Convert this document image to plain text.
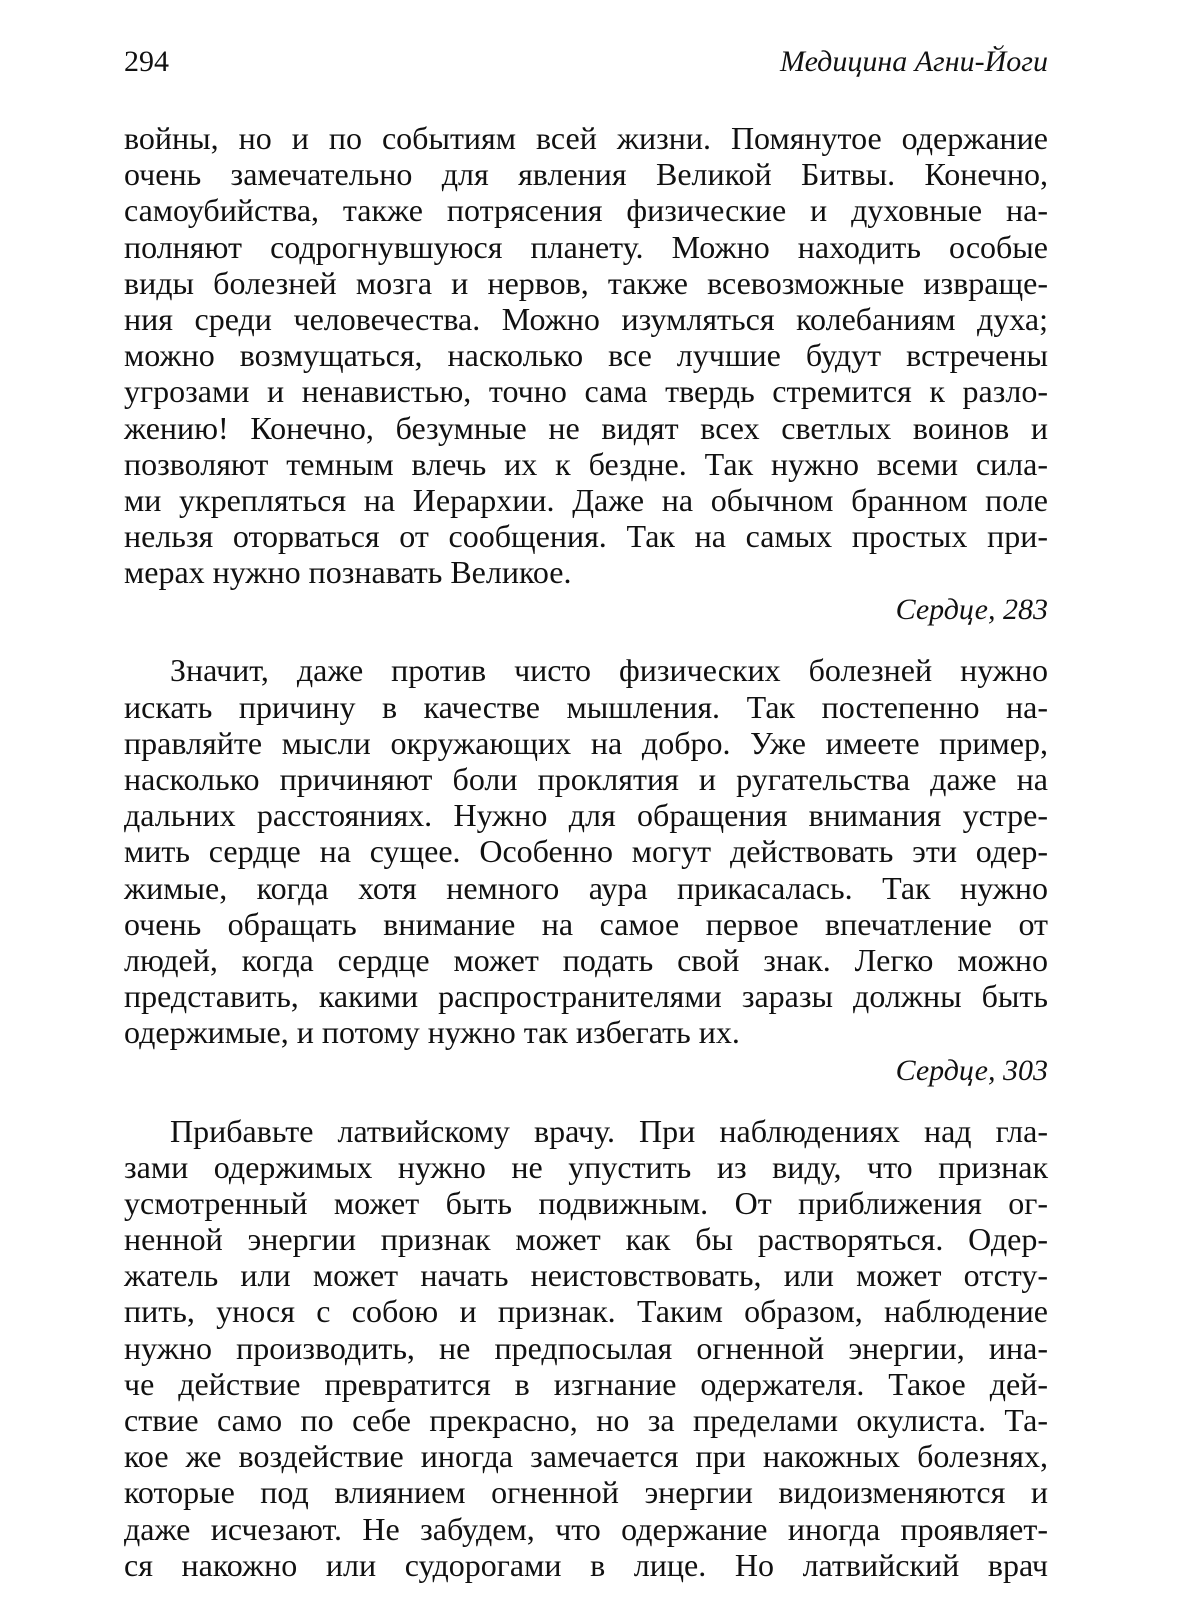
294	Медицина Агни-Йоги
войны, но и по событиям всей жизни. Помянутое одержание
очень замечательно для явления Великой Битвы. Конечно,
самоубийства, также потрясения физические и духовные на-
полняют содрогнувшуюся планету. Можно находить особые
виды болезней мозга и нервов, также всевозможные извраще-
ния среди человечества. Можно изумляться колебаниям духа;
можно возмущаться, насколько все лучшие будут встречены
угрозами и ненавистью, точно сама твердь стремится к разло-
жению! Конечно, безумные не видят всех светлых воинов и
позволяют темным влечь их к бездне. Так нужно всеми сила-
ми укрепляться на Иерархии. Даже на обычном бранном поле
нельзя оторваться от сообщения. Так на самых простых при-
мерах нужно познавать Великое.
Сердце, 283
Значит, даже против чисто физических болезней нужно
искать причину в качестве мышления. Так постепенно на-
правляйте мысли окружающих на добро. Уже имеете пример,
насколько причиняют боли проклятия и ругательства даже на
дальних расстояниях. Нужно для обращения внимания устре-
мить сердце на сущее. Особенно могут действовать эти одер-
жимые, когда хотя немного аура прикасалась. Так нужно
очень обращать внимание на самое первое впечатление от
людей, когда сердце может подать свой знак. Легко можно
представить, какими распространителями заразы должны быть
одержимые, и потому нужно так избегать их.
Сердце, 303
Прибавьте латвийскому врачу. При наблюдениях над гла-
зами одержимых нужно не упустить из виду, что признак
усмотренный может быть подвижным. От приближения ог-
ненной энергии признак может как бы растворяться. Одер-
жатель или может начать неистовствовать, или может отсту-
пить, унося с собою и признак. Таким образом, наблюдение
нужно производить, не предпосылая огненной энергии, ина-
че действие превратится в изгнание одержателя. Такое дей-
ствие само по себе прекрасно, но за пределами окулиста. Та-
кое же воздействие иногда замечается при накожных болезнях,
которые под влиянием огненной энергии видоизменяются и
даже исчезают. Не забудем, что одержание иногда проявляет-
ся накожно или судорогами в лице. Но латвийский врач
